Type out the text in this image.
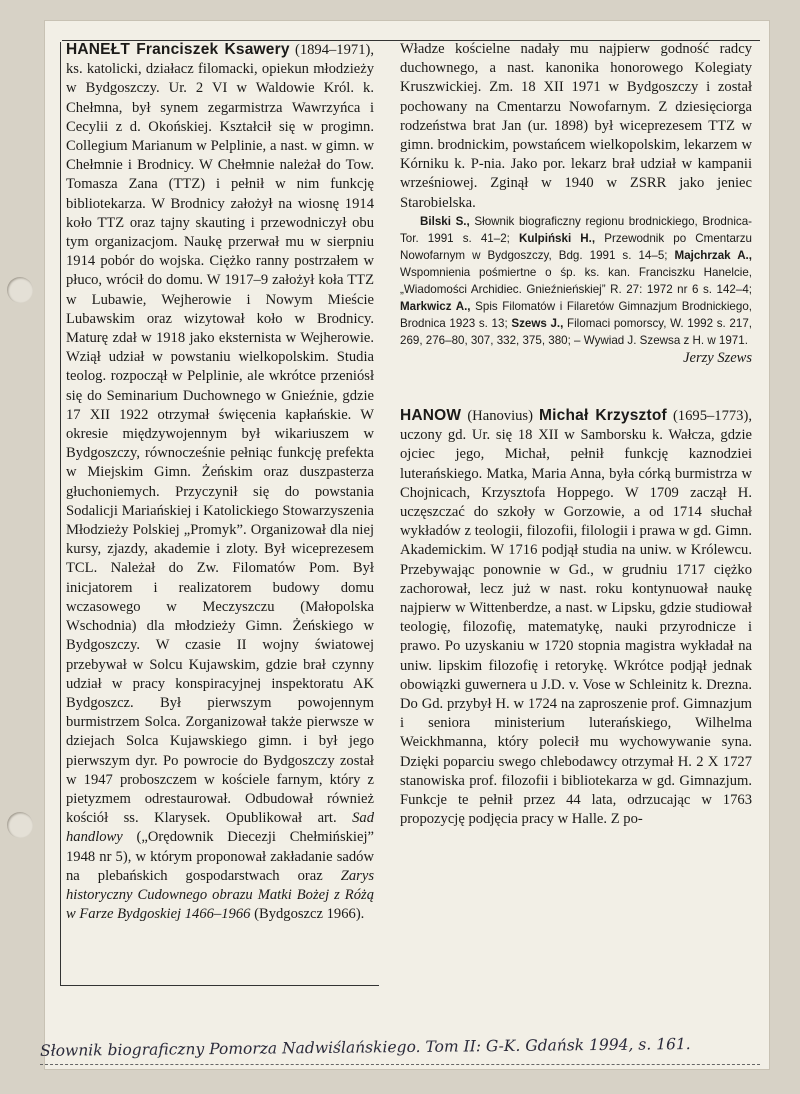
HANEŁT Franciszek Ksawery (1894–1971), ks. katolicki, działacz filomacki, opiekun młodzieży w Bydgoszczy. Ur. 2 VI w Waldowie Król. k. Chełmna, był synem zegarmistrza Wawrzyńca i Cecylii z d. Okońskiej. Kształcił się w progimn. Collegium Marianum w Pelplinie, a nast. w gimn. w Chełmnie i Brodnicy. W Chełmnie należał do Tow. Tomasza Zana (TTZ) i pełnił w nim funkcję bibliotekarza. W Brodnicy założył na wiosnę 1914 koło TTZ oraz tajny skauting i przewodniczył obu tym organizacjom. Naukę przerwał mu w sierpniu 1914 pobór do wojska. Ciężko ranny postrzałem w płuco, wrócił do domu. W 1917–9 założył koła TTZ w Lubawie, Wejherowie i Nowym Mieście Lubawskim oraz wizytował koło w Brodnicy. Maturę zdał w 1918 jako eksternista w Wejherowie. Wziął udział w powstaniu wielkopolskim. Studia teolog. rozpoczął w Pelplinie, ale wkrótce przeniósł się do Seminarium Duchownego w Gnieźnie, gdzie 17 XII 1922 otrzymał święcenia kapłańskie. W okresie międzywojennym był wikariuszem w Bydgoszczy, równocześnie pełniąc funkcję prefekta w Miejskim Gimn. Żeńskim oraz duszpasterza głuchoniemych. Przyczynił się do powstania Sodalicji Mariańskiej i Katolickiego Stowarzyszenia Młodzieży Polskiej „Promyk”. Organizował dla niej kursy, zjazdy, akademie i zloty. Był wiceprezesem TCL. Należał do Zw. Filomatów Pom. Był inicjatorem i realizatorem budowy domu wczasowego w Meczyszczu (Małopolska Wschodnia) dla młodzieży Gimn. Żeńskiego w Bydgoszczy. W czasie II wojny światowej przebywał w Solcu Kujawskim, gdzie brał czynny udział w pracy konspiracyjnej inspektoratu AK Bydgoszcz. Był pierwszym powojennym burmistrzem Solca. Zorganizował także pierwsze w dziejach Solca Kujawskiego gimn. i był jego pierwszym dyr. Po powrocie do Bydgoszczy został w 1947 proboszczem w kościele farnym, który z pietyzmem odrestaurował. Odbudował również kościół ss. Klarysek. Opublikował art. Sad handlowy („Orędownik Diecezji Chełmińskiej” 1948 nr 5), w którym proponował zakładanie sadów na plebańskich gospodarstwach oraz Zarys historyczny Cudownego obrazu Matki Bożej z Różą w Farze Bydgoskiej 1466–1966 (Bydgoszcz 1966).

Władze kościelne nadały mu najpierw godność radcy duchownego, a nast. kanonika honorowego Kolegiaty Kruszwickiej. Zm. 18 XII 1971 w Bydgoszczy i został pochowany na Cmentarzu Nowofarnym. Z dziesięciorga rodzeństwa brat Jan (ur. 1898) był wiceprezesem TTZ w gimn. brodnickim, powstańcem wielkopolskim, lekarzem w Kórniku k. P-nia. Jako por. lekarz brał udział w kampanii wrześniowej. Zginął w 1940 w ZSRR jako jeniec Starobielska.

Bilski S., Słownik biograficzny regionu brodnickiego, Brodnica-Tor. 1991 s. 41–2; Kulpiński H., Przewodnik po Cmentarzu Nowofarnym w Bydgoszczy, Bdg. 1991 s. 14–5; Majchrzak A., Wspomnienia pośmiertne o śp. ks. kan. Franciszku Hanelcie, „Wiadomości Archidiec. Gnieźnieńskiej” R. 27: 1972 nr 6 s. 142–4; Markwicz A., Spis Filomatów i Filaretów Gimnazjum Brodnickiego, Brodnica 1923 s. 13; Szews J., Filomaci pomorscy, W. 1992 s. 217, 269, 276–80, 307, 332, 375, 380; – Wywiad J. Szewsa z H. w 1971.

Jerzy Szews

HANOW (Hanovius) Michał Krzysztof (1695–1773), uczony gd. Ur. się 18 XII w Samborsku k. Wałcza, gdzie ojciec jego, Michał, pełnił funkcję kaznodziei luterańskiego. Matka, Maria Anna, była córką burmistrza w Chojnicach, Krzysztofa Hoppego. W 1709 zaczął H. uczęszczać do szkoły w Gorzowie, a od 1714 słuchał wykładów z teologii, filozofii, filologii i prawa w gd. Gimn. Akademickim. W 1716 podjął studia na uniw. w Królewcu. Przebywając ponownie w Gd., w grudniu 1717 ciężko zachorował, lecz już w nast. roku kontynuował naukę najpierw w Wittenberdze, a nast. w Lipsku, gdzie studiował teologię, filozofię, matematykę, nauki przyrodnicze i prawo. Po uzyskaniu w 1720 stopnia magistra wykładał na uniw. lipskim filozofię i retorykę. Wkrótce podjął jednak obowiązki guwernera u J.D. v. Vose w Schleinitz k. Drezna. Do Gd. przybył H. w 1724 na zaproszenie prof. Gimnazjum i seniora ministerium luterańskiego, Wilhelma Weickhmanna, który polecił mu wychowywanie syna. Dzięki poparciu swego chlebodawcy otrzymał H. 2 X 1727 stanowiska prof. filozofii i bibliotekarza w gd. Gimnazjum. Funkcje te pełnił przez 44 lata, odrzucając w 1763 propozycję podjęcia pracy w Halle. Z po-

Słownik biograficzny Pomorza Nadwiślańskiego. Tom II: G-K. Gdańsk 1994, s. 161.
